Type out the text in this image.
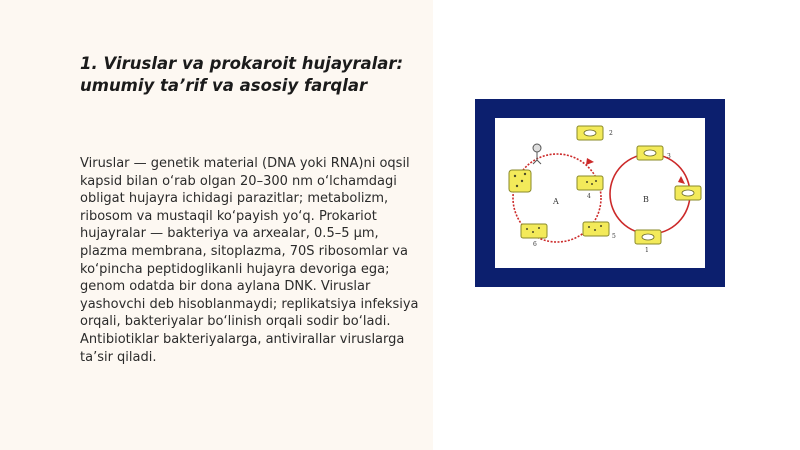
1. Viruslar va prokaroit hujayralar: umumiy ta’rif va asosiy farqlar

Viruslar — genetik material (DNA yoki RNA)ni oqsil kapsid bilan o‘rab olgan 20–300 nm o‘lchamdagi obligat hujayra ichidagi parazitlar; metabolizm, ribosom va mustaqil ko‘payish yo‘q. Prokariot hujayralar — bakteriya va arxealar, 0.5–5 µm, plazma membrana, sitoplazma, 70S ribosomlar va ko‘pincha peptidoglikanli hujayra devoriga ega; genom odatda bir dona aylana DNK. Viruslar yashovchi deb hisoblanmaydi; replikatsiya infeksiya orqali, bakteriyalar bo‘linish orqali sodir bo‘ladi. Antibiotiklar bakteriyalarga, antivirallar viruslarga ta’sir qiladi.

A	B
2
3
4
1
5
6
